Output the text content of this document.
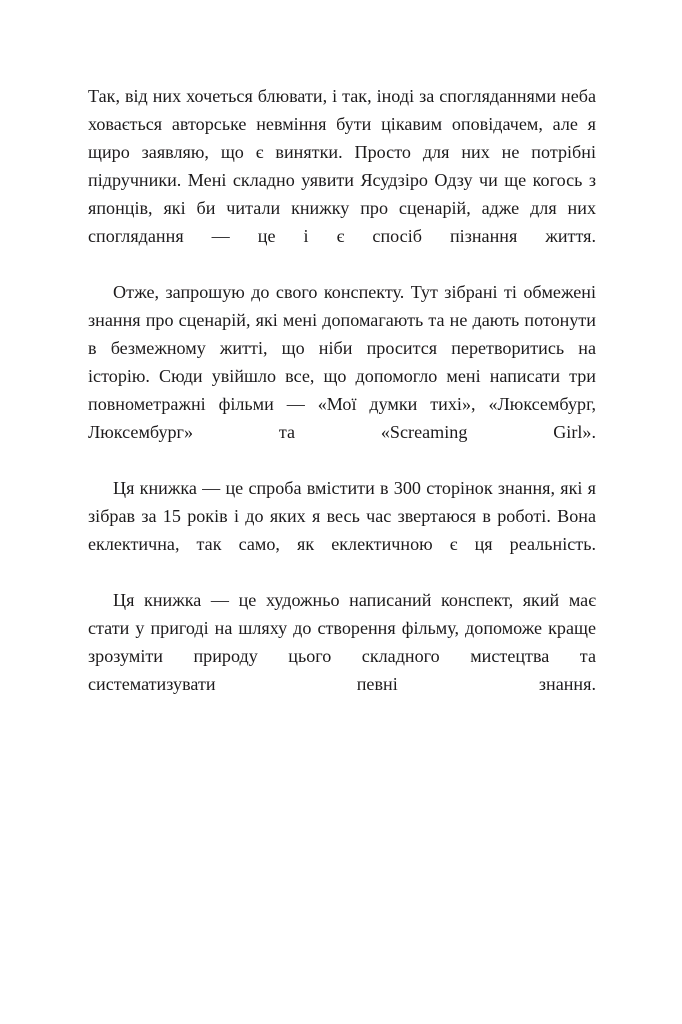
Так, від них хочеться блювати, і так, іноді за спогляданнями неба ховається авторське невміння бути цікавим оповідачем, але я щиро заявляю, що є винятки. Просто для них не потрібні підручники. Мені складно уявити Ясудзіро Одзу чи ще когось з японців, які би читали книжку про сценарій, адже для них споглядання — це і є спосіб пізнання життя.

Отже, запрошую до свого конспекту. Тут зібрані ті обмежені знання про сценарій, які мені допомагають та не дають потонути в безмежному житті, що ніби просится перетворитись на історію. Сюди увійшло все, що допомогло мені написати три повнометражні фільми — «Мої думки тихі», «Люксембург, Люксембург» та «Screaming Girl».

Ця книжка — це спроба вмістити в 300 сторінок знання, які я зібрав за 15 років і до яких я весь час звертаюся в роботі. Вона еклектична, так само, як еклектичною є ця реальність.

Ця книжка — це художньо написаний конспект, який має стати у пригоді на шляху до створення фільму, допоможе краще зрозуміти природу цього складного мистецтва та систематизувати певні знання.
